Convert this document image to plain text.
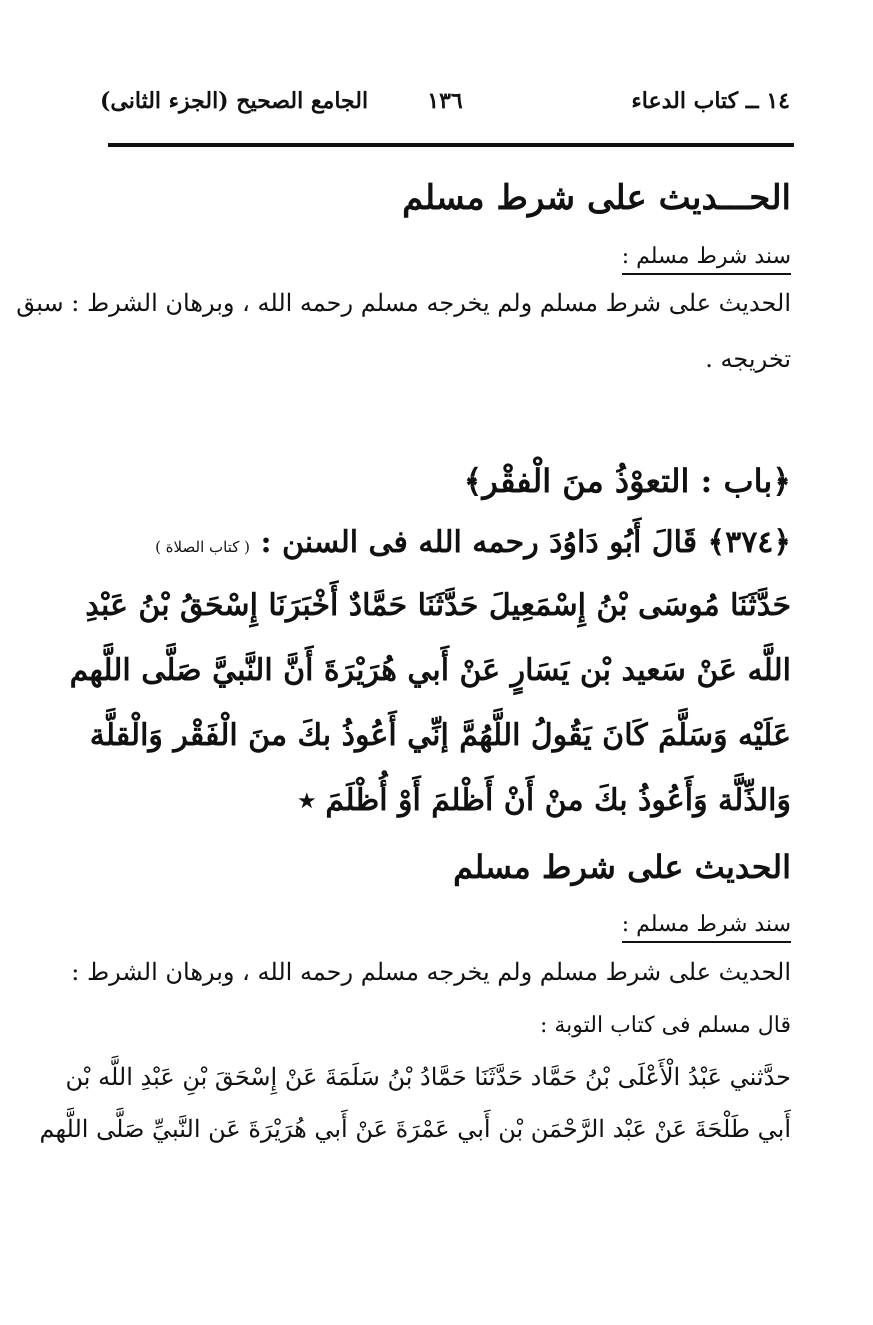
١٤ ــ كتاب الدعاء
١٣٦
الجامع الصحيح (الجزء الثانى)
الحـــديث على شرط مسلم
سند شرط مسلم :
الحديث على شرط مسلم ولم يخرجه مسلم رحمه الله ، وبرهان الشرط : سبق
تخريجه .
﴿باب : التعوْذُ منَ الْفقْر﴾
﴿٣٧٤﴾ قَالَ أَبُو دَاوُدَ رحمه الله فى السنن : ( كتاب الصلاة )
حَدَّثَنَا مُوسَى بْنُ إِسْمَعِيلَ حَدَّثَنَا حَمَّادٌ أَخْبَرَنَا إِسْحَقُ بْنُ عَبْدِ
اللَّه عَنْ سَعيد بْن يَسَارٍ عَنْ أَبي هُرَيْرَةَ أَنَّ النَّبيَّ صَلَّى اللَّهم
عَلَيْه وَسَلَّمَ كَانَ يَقُولُ اللَّهُمَّ إنِّي أَعُوذُ بكَ منَ الْفَقْر وَالْقلَّة
وَالذِّلَّة وَأَعُوذُ بكَ منْ أَنْ أَظْلمَ أَوْ أُظْلَمَ ٭
الحديث على شرط مسلم
سند شرط مسلم :
الحديث على شرط مسلم ولم يخرجه مسلم رحمه الله ، وبرهان الشرط :
قال مسلم فى كتاب التوبة :
حدَّثني عَبْدُ الْأَعْلَى بْنُ حَمَّاد حَدَّثَنَا حَمَّادُ بْنُ سَلَمَةَ عَنْ إِسْحَقَ بْنِ عَبْدِ اللَّه بْن
أَبي طَلْحَةَ عَنْ عَبْد الرَّحْمَن بْن أَبي عَمْرَةَ عَنْ أَبي هُرَيْرَةَ عَن النَّبيِّ صَلَّى اللَّهم
